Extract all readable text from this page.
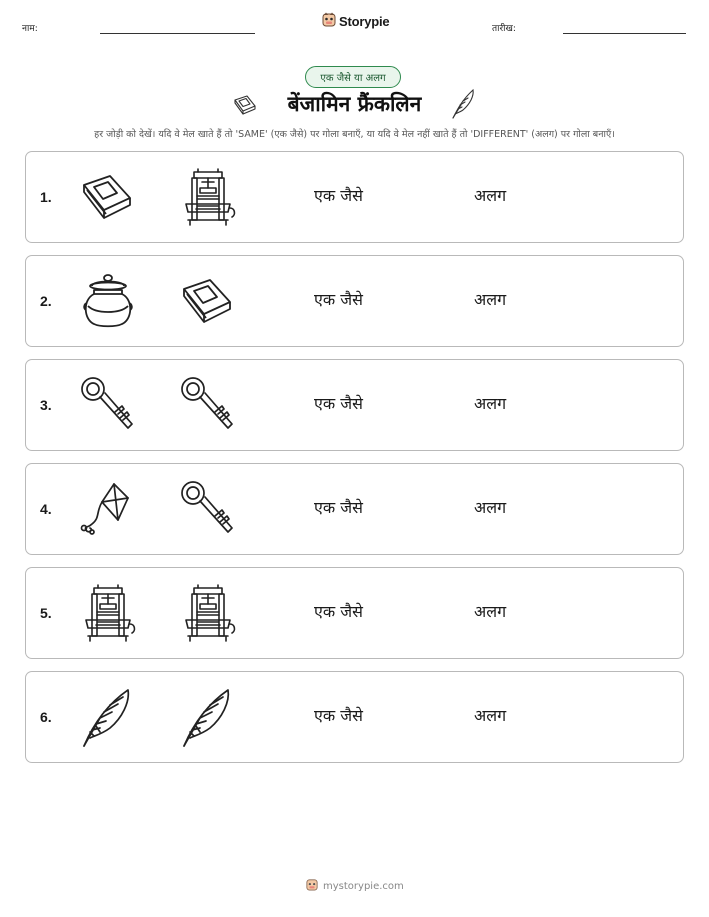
नाम:	Storypie	तारीख:
एक जैसे या अलग
बेंजामिन फ्रैंकलिन
हर जोड़ी को देखें। यदि वे मेल खाते हैं तो 'SAME' (एक जैसे) पर गोला बनाएँ, या यदि वे मेल नहीं खाते हैं तो 'DIFFERENT' (अलग) पर गोला बनाएँ।
1.	एक जैसे	अलग
2.	एक जैसे	अलग
3.	एक जैसे	अलग
4.	एक जैसे	अलग
5.	एक जैसे	अलग
6.	एक जैसे	अलग
mystorypie.com
